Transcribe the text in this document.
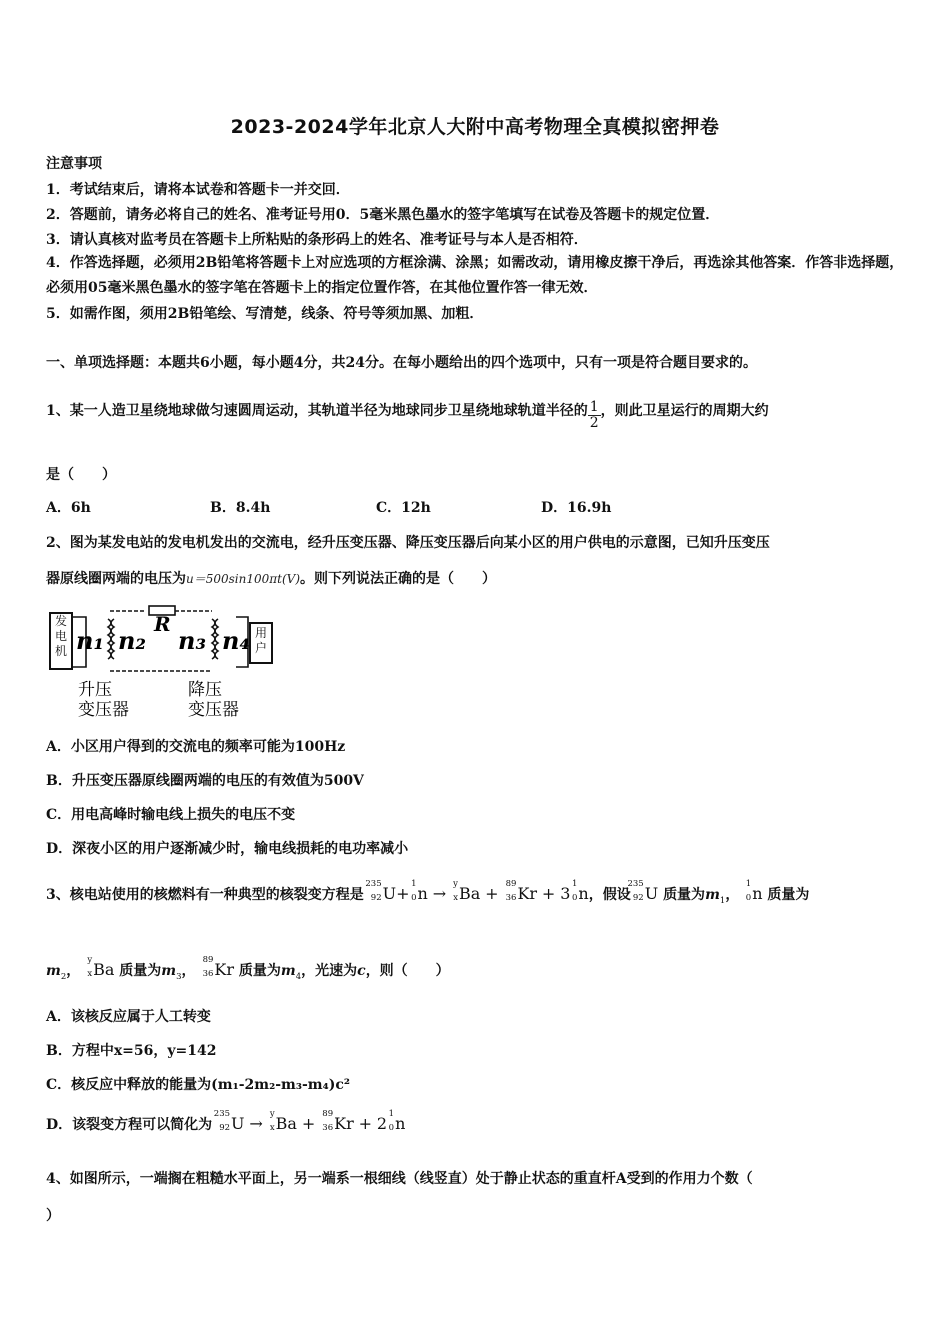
2023-2024学年北京人大附中高考物理全真模拟密押卷
注意事项
1．考试结束后，请将本试卷和答题卡一并交回．
2．答题前，请务必将自己的姓名、准考证号用0．5毫米黑色墨水的签字笔填写在试卷及答题卡的规定位置．
3．请认真核对监考员在答题卡上所粘贴的条形码上的姓名、准考证号与本人是否相符．
4．作答选择题，必须用2B铅笔将答题卡上对应选项的方框涂满、涂黑；如需改动，请用橡皮擦干净后，再选涂其他答案．作答非选择题，必须用05毫米黑色墨水的签字笔在答题卡上的指定位置作答，在其他位置作答一律无效．
5．如需作图，须用2B铅笔绘、写清楚，线条、符号等须加黑、加粗．
一、单项选择题：本题共6小题，每小题4分，共24分。在每小题给出的四个选项中，只有一项是符合题目要求的。
1、某一人造卫星绕地球做匀速圆周运动，其轨道半径为地球同步卫星绕地球轨道半径的 $\frac{1}{2}$，则此卫星运行的周期大约
是（　　）
A．6h	B．8.4h	C．12h	D．16.9h
2、图为某发电站的发电机发出的交流电，经升压变压器、降压变压器后向某小区的用户供电的示意图，已知升压变压
器原线圈两端的电压为u＝500sin100πt(V)。则下列说法正确的是（　　）
n₁ n₂
R
n₃ n₄
升压
变压器
降压
变压器
发电机
用户
A．小区用户得到的交流电的频率可能为100Hz
B．升压变压器原线圈两端的电压的有效值为500V
C．用电高峰时输电线上损失的电压不变
D．深夜小区的用户逐渐减少时，输电线损耗的电功率减小
3、核电站使用的核燃料有一种典型的核裂变方程是
235
92 U+ 1
0 n → y
x Ba + 89
36 Kr + 3 1
0 n，假设
235
92 U 质量为$m_1$，
1
0 n 质量为
$m_2$，
y
x Ba 质量为$m_3$，
89
36 Kr 质量为$m_4$，光速为c，则（　　）
A．该核反应属于人工转变
B．方程中x=56，y=142
C．核反应中释放的能量为(m₁-2m₂-m₃-m₄)c²
D．该裂变方程可以简化为
235
92 U → y
x Ba + 89
36 Kr + 2 1
0 n
4、如图所示，一端搁在粗糙水平面上，另一端系一根细线（线竖直）处于静止状态的重直杆A受到的作用力个数（
）
